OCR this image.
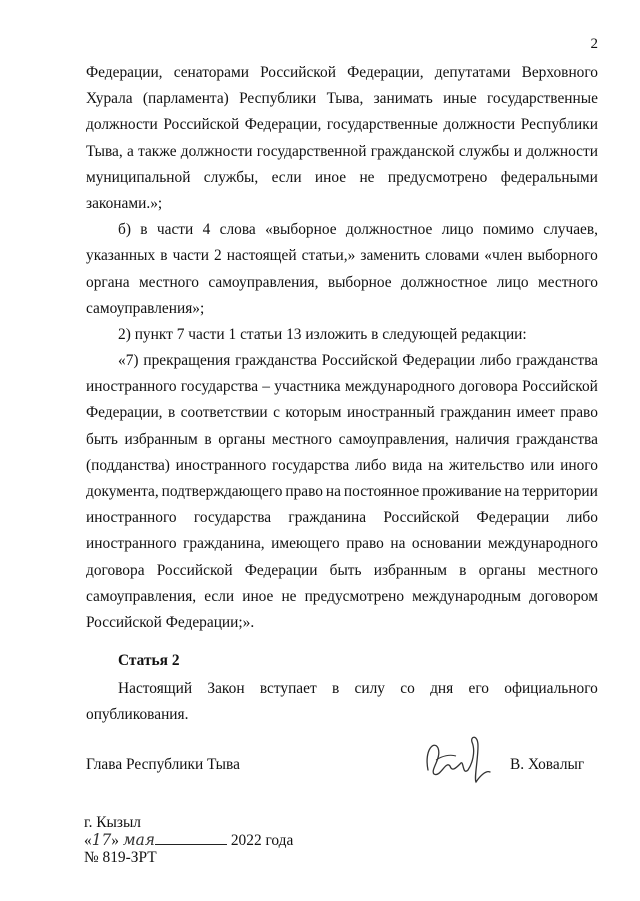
2
Федерации, сенаторами Российской Федерации, депутатами Верховного
Хурала (парламента) Республики Тыва, занимать иные государственные
должности Российской Федерации, государственные должности Республики
Тыва, а также должности государственной гражданской службы и должности
муниципальной службы, если иное не предусмотрено федеральными
законами.»;
б) в части 4 слова «выборное должностное лицо помимо случаев,
указанных в части 2 настоящей статьи,» заменить словами «член выборного
органа местного самоуправления, выборное должностное лицо местного
самоуправления»;
2) пункт 7 части 1 статьи 13 изложить в следующей редакции:
«7) прекращения гражданства Российской Федерации либо гражданства
иностранного государства – участника международного договора Российской
Федерации, в соответствии с которым иностранный гражданин имеет право
быть избранным в органы местного самоуправления, наличия гражданства
(подданства) иностранного государства либо вида на жительство или иного
документа, подтверждающего право на постоянное проживание на территории
иностранного государства гражданина Российской Федерации либо
иностранного гражданина, имеющего право на основании международного
договора Российской Федерации быть избранным в органы местного
самоуправления, если иное не предусмотрено международным договором
Российской Федерации;».
Статья 2
Настоящий Закон вступает в силу со дня его официального
опубликования.
Глава Республики Тыва	В. Ховалыг
г. Кызыл
«17» мая	2022 года
№ 819-ЗРТ
